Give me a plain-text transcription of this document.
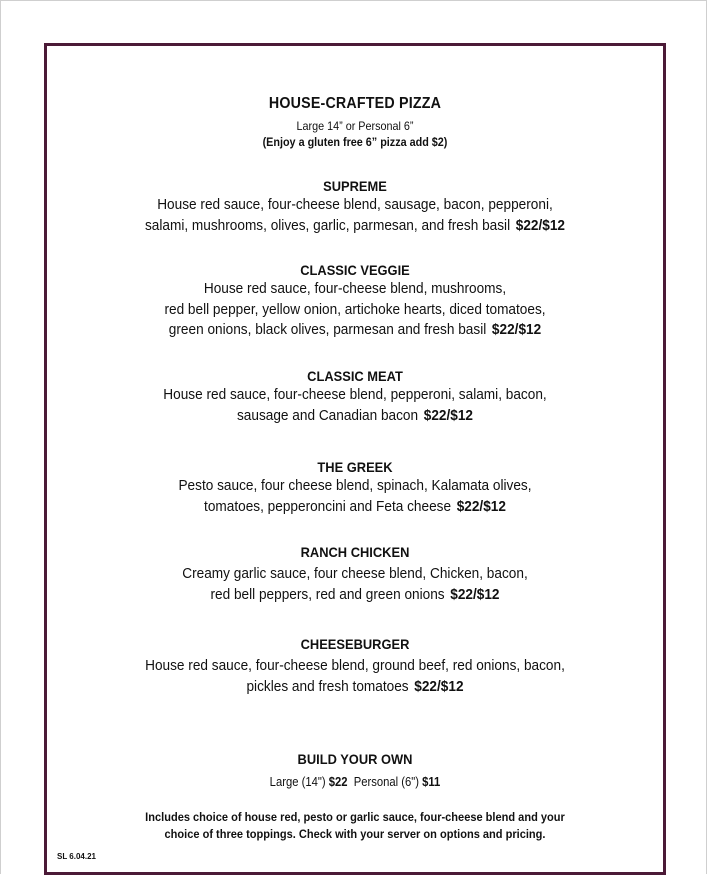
HOUSE-CRAFTED PIZZA
Large 14” or Personal 6”
(Enjoy a gluten free 6” pizza add $2)
SUPREME
House red sauce, four-cheese blend, sausage, bacon, pepperoni,
salami, mushrooms, olives, garlic, parmesan, and fresh basil $22/$12
CLASSIC VEGGIE
House red sauce, four-cheese blend, mushrooms,
red bell pepper, yellow onion, artichoke hearts, diced tomatoes,
green onions, black olives, parmesan and fresh basil $22/$12
CLASSIC MEAT
House red sauce, four-cheese blend, pepperoni, salami, bacon,
sausage and Canadian bacon $22/$12
THE GREEK
Pesto sauce, four cheese blend, spinach, Kalamata olives,
tomatoes, pepperoncini and Feta cheese $22/$12
RANCH CHICKEN
Creamy garlic sauce, four cheese blend, Chicken, bacon,
red bell peppers, red and green onions $22/$12
CHEESEBURGER
House red sauce, four-cheese blend, ground beef, red onions, bacon,
pickles and fresh tomatoes $22/$12
BUILD YOUR OWN
Large (14") $22 Personal (6") $11
Includes choice of house red, pesto or garlic sauce, four-cheese blend and your
choice of three toppings. Check with your server on options and pricing.
SL 6.04.21
